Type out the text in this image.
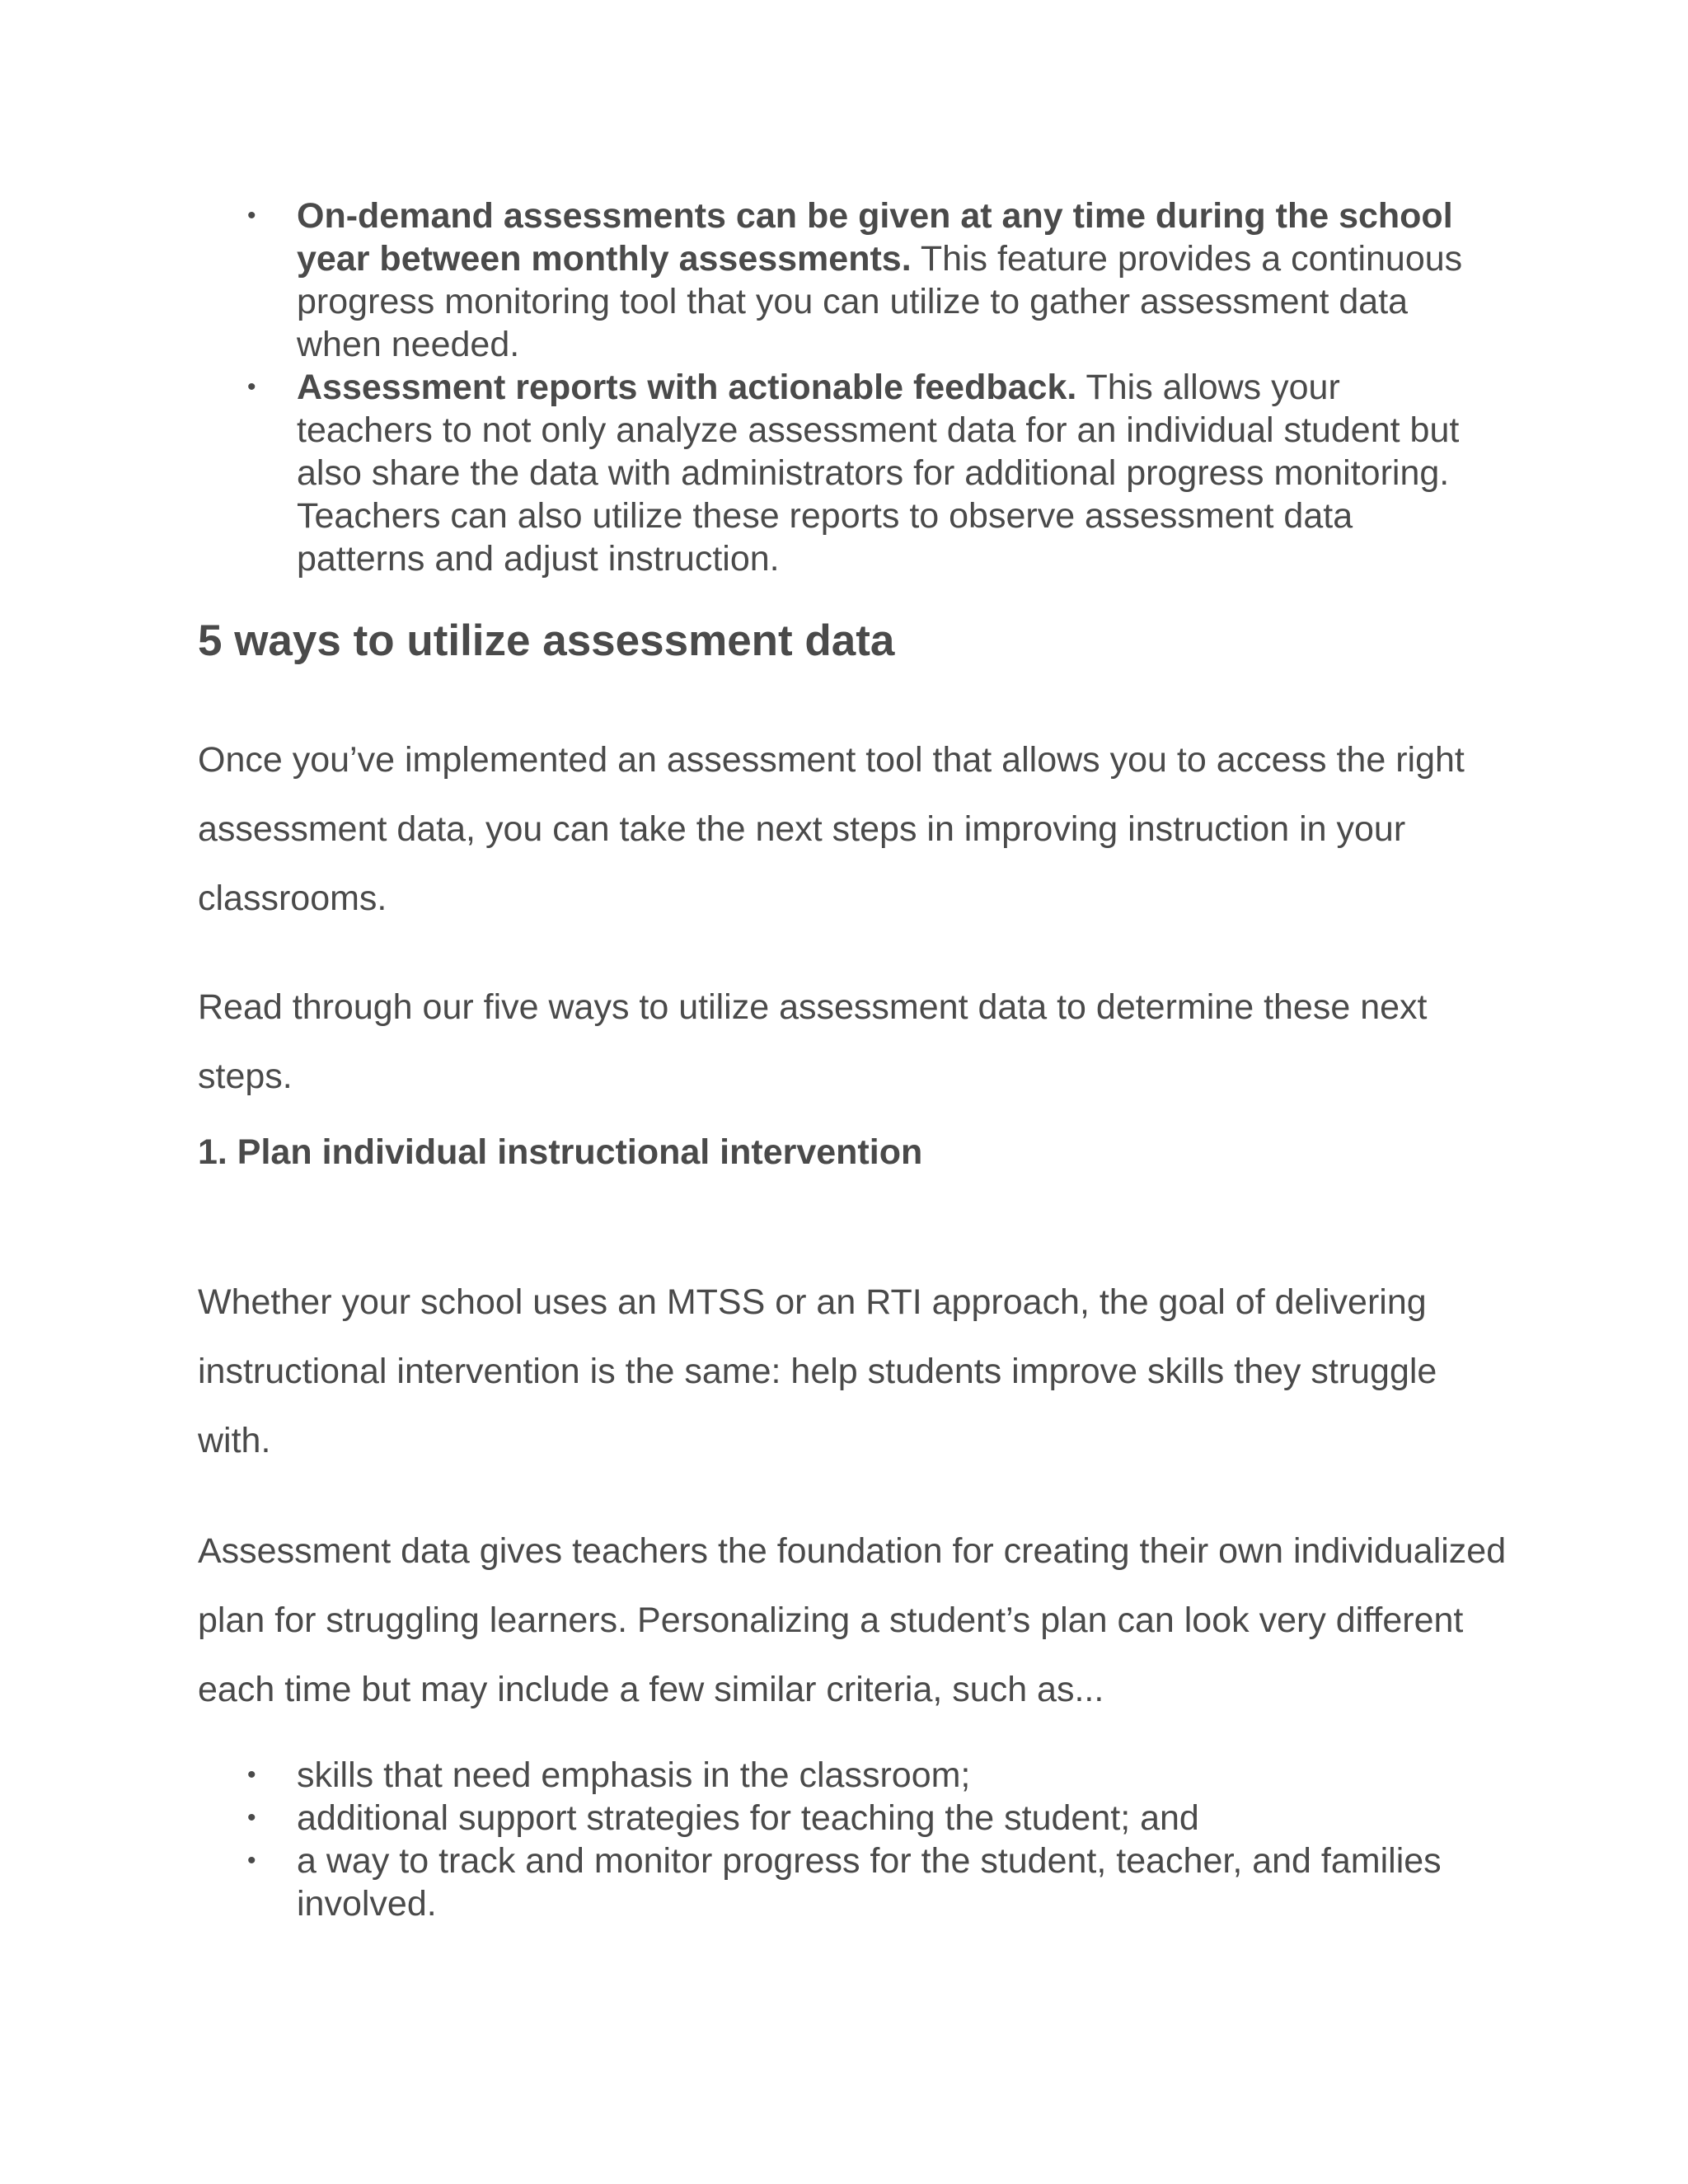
• On-demand assessments can be given at any time during the school year between monthly assessments. This feature provides a continuous progress monitoring tool that you can utilize to gather assessment data when needed.
• Assessment reports with actionable feedback. This allows your teachers to not only analyze assessment data for an individual student but also share the data with administrators for additional progress monitoring. Teachers can also utilize these reports to observe assessment data patterns and adjust instruction.
5 ways to utilize assessment data

Once you’ve implemented an assessment tool that allows you to access the right assessment data, you can take the next steps in improving instruction in your classrooms.

Read through our five ways to utilize assessment data to determine these next steps.

1. Plan individual instructional intervention

Whether your school uses an MTSS or an RTI approach, the goal of delivering instructional intervention is the same: help students improve skills they struggle with.

Assessment data gives teachers the foundation for creating their own individualized plan for struggling learners. Personalizing a student’s plan can look very different each time but may include a few similar criteria, such as...

• skills that need emphasis in the classroom;
• additional support strategies for teaching the student; and
• a way to track and monitor progress for the student, teacher, and families involved.
